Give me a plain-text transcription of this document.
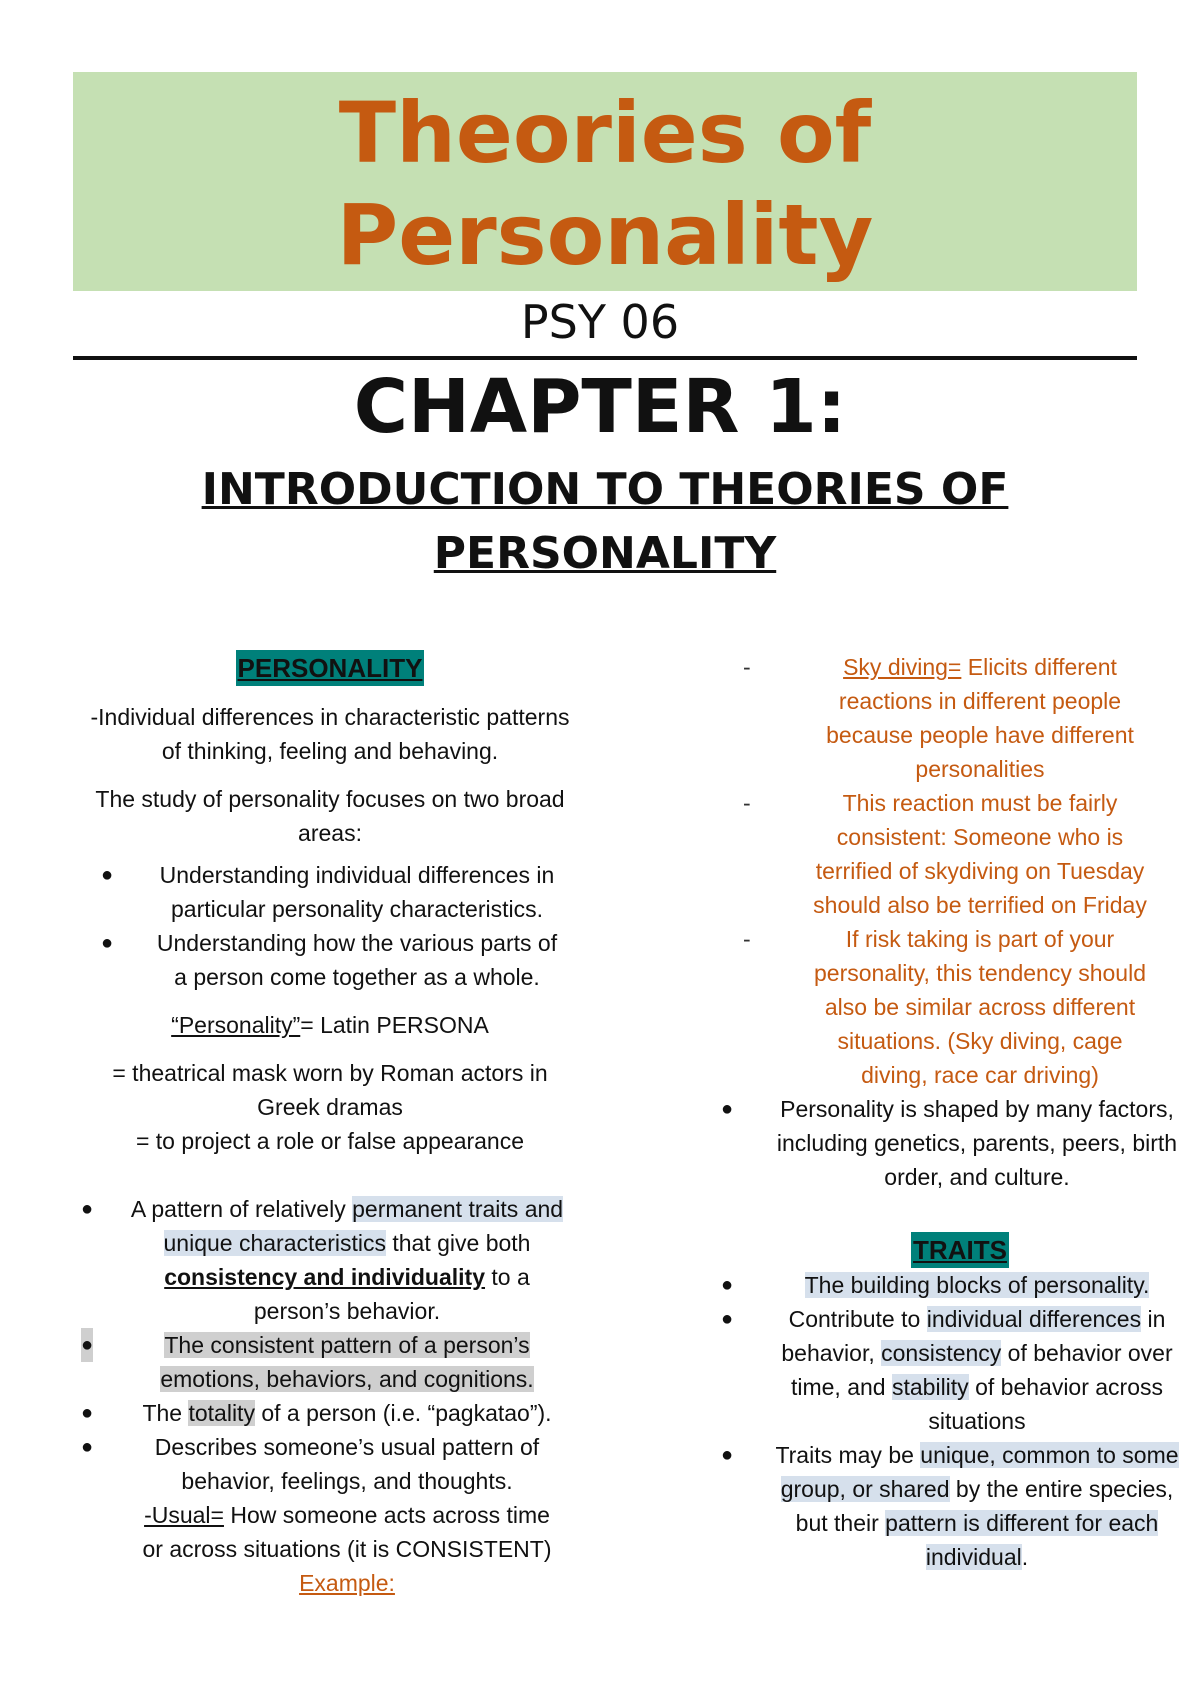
Theories of
Personality
PSY 06
CHAPTER 1:
INTRODUCTION TO THEORIES OF
PERSONALITY
PERSONALITY

-Individual differences in characteristic patterns
of thinking, feeling and behaving.

The study of personality focuses on two broad
areas:

● Understanding individual differences in
particular personality characteristics.
● Understanding how the various parts of
a person come together as a whole.

“Personality”= Latin PERSONA

= theatrical mask worn by Roman actors in
Greek dramas

= to project a role or false appearance

● A pattern of relatively permanent traits and
unique characteristics that give both
consistency and individuality to a
person’s behavior.
●	The consistent pattern of a person’s
emotions, behaviors, and cognitions.
● The totality of a person (i.e. “pagkatao”).
●	Describes someone’s usual pattern of
behavior, feelings, and thoughts.
-Usual= How someone acts across time
or across situations (it is CONSISTENT)
Example:
-	Sky diving= Elicits different
reactions in different people
because people have different
personalities
-	This reaction must be fairly
consistent: Someone who is
terrified of skydiving on Tuesday
should also be terrified on Friday
-	If risk taking is part of your
personality, this tendency should
also be similar across different
situations. (Sky diving, cage
diving, race car driving)
● Personality is shaped by many factors,
including genetics, parents, peers, birth
order, and culture.
TRAITS
●	The building blocks of personality.
● Contribute to individual differences in
behavior, consistency of behavior over
time, and stability of behavior across
situations
● Traits may be unique, common to some
group, or shared by the entire species,
but their pattern is different for each
individual.
